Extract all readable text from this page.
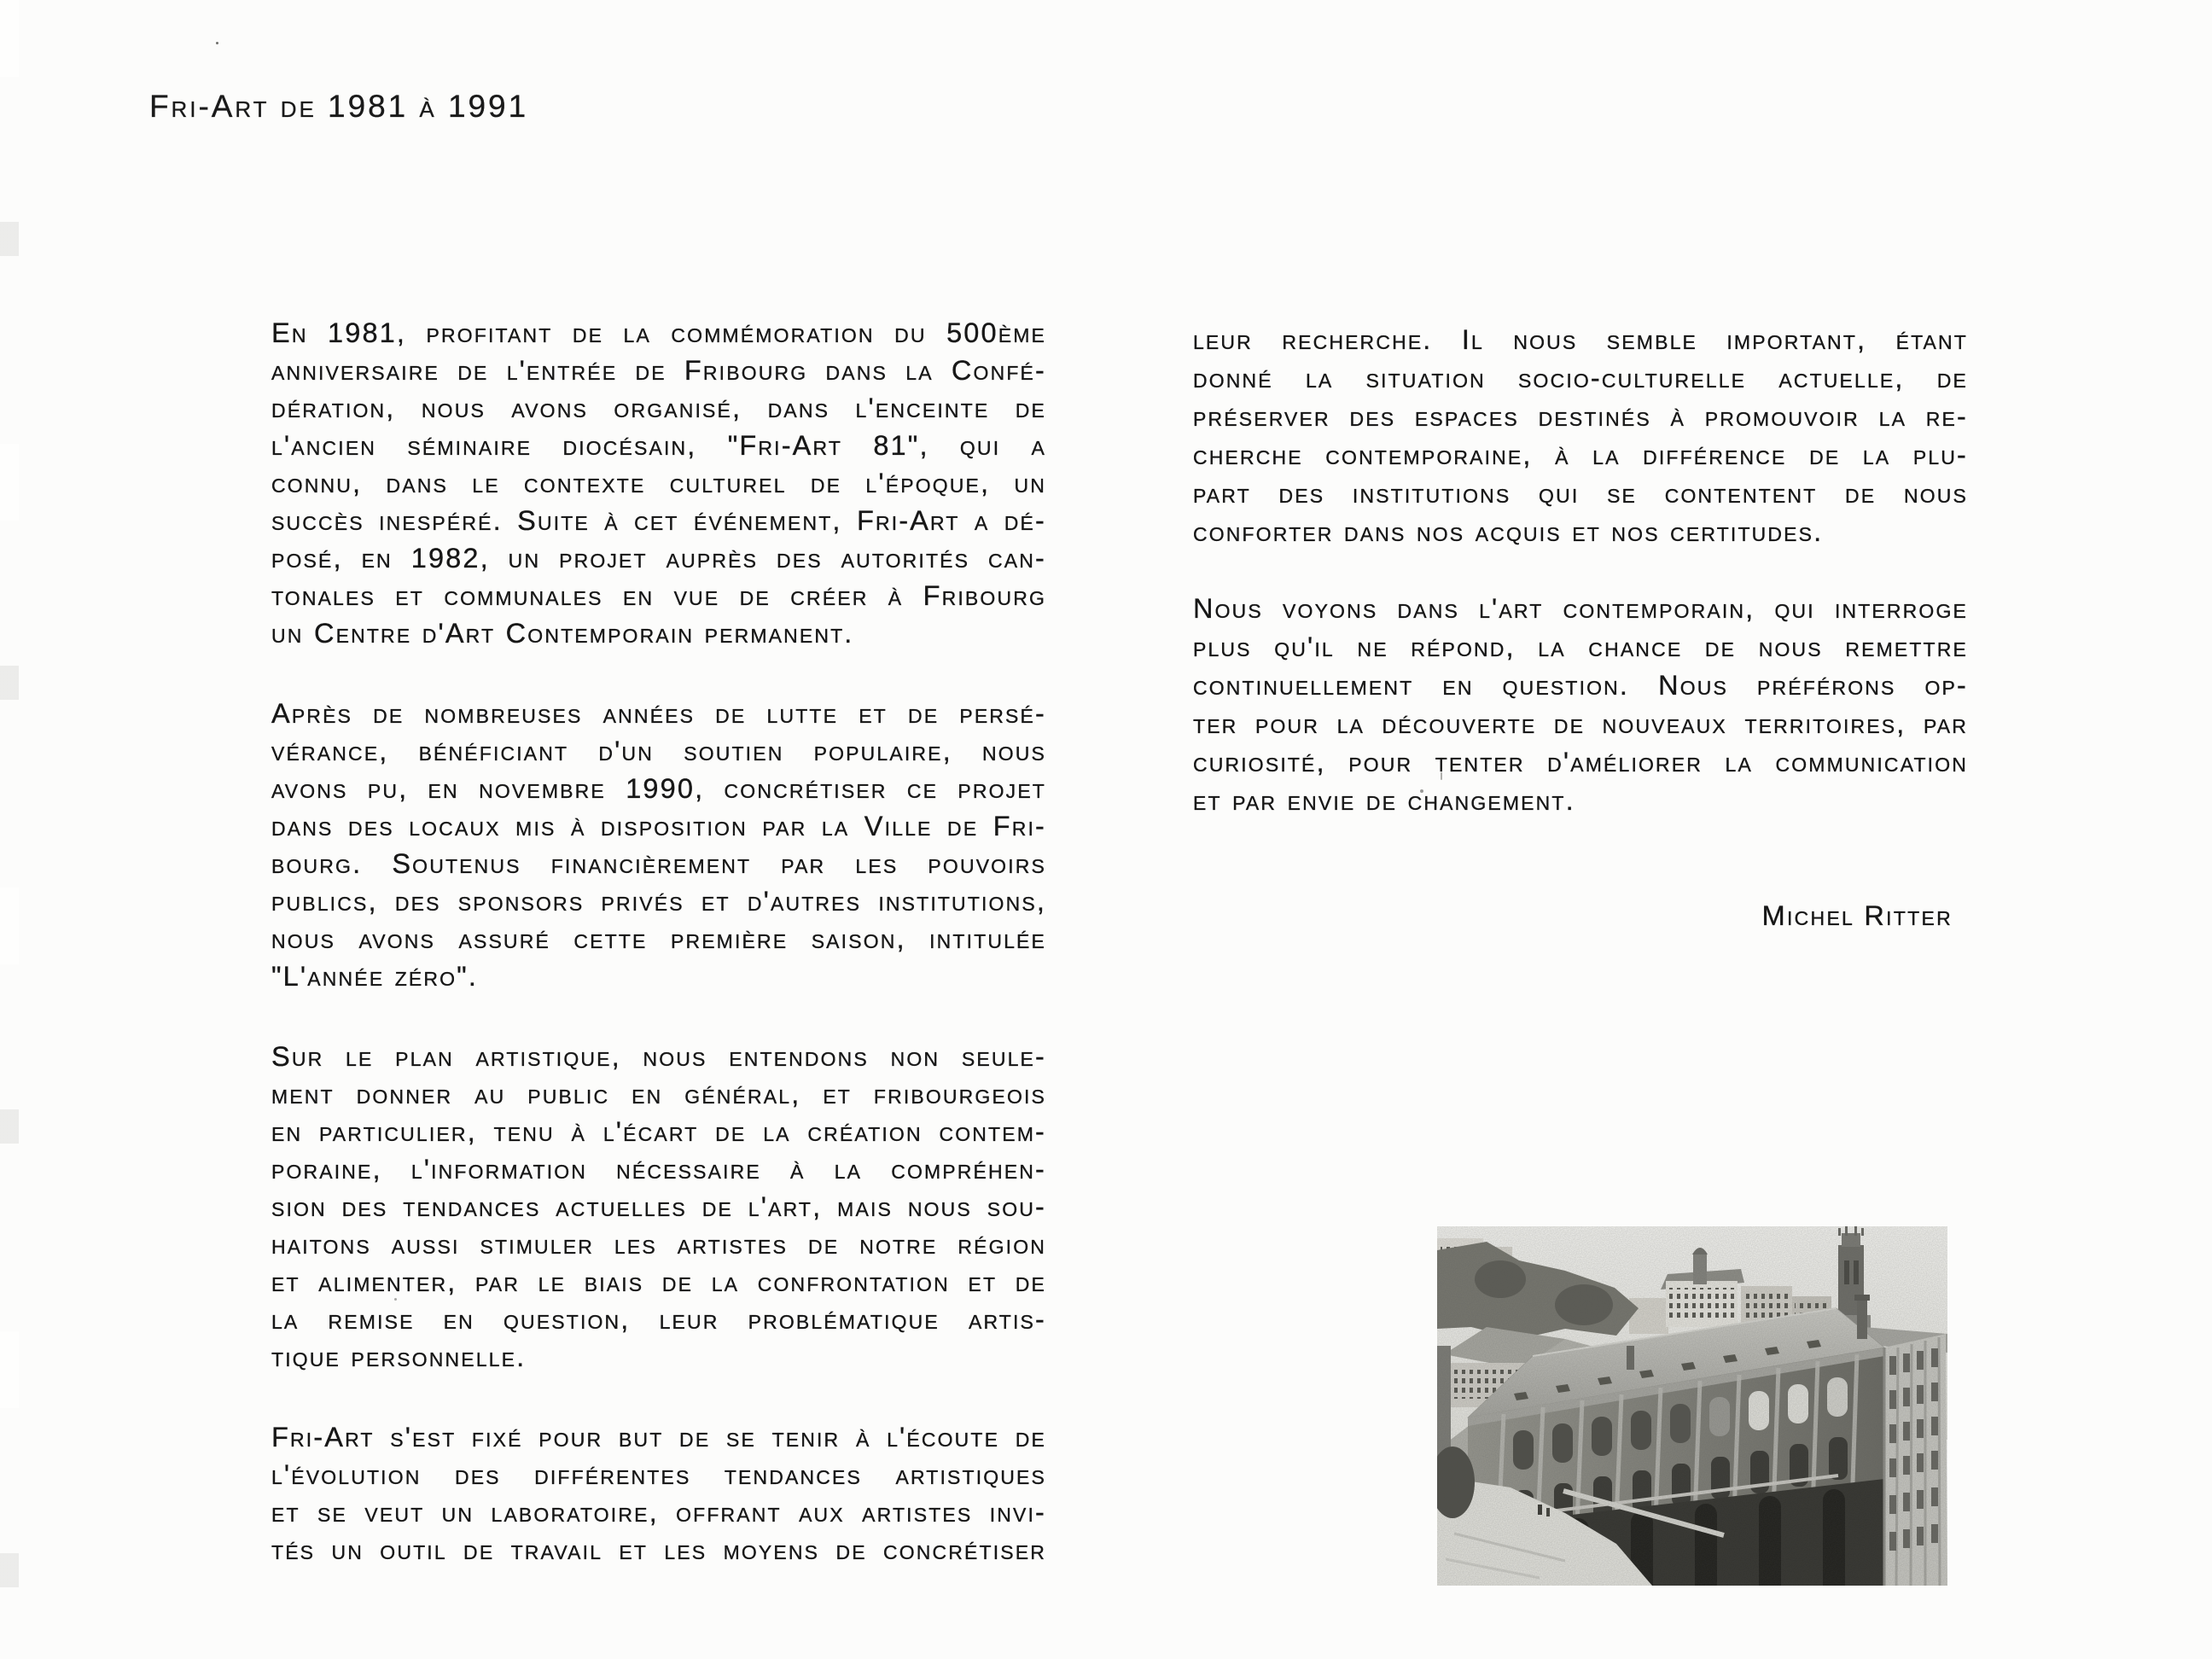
Fri-Art de 1981 à 1991
En 1981, profitant de la commémoration du 500ème
anniversaire de l'entrée de Fribourg dans la Confé-
dération, nous avons organisé, dans l'enceinte de
l'ancien séminaire diocésain, "Fri-Art 81", qui a
connu, dans le contexte culturel de l'époque, un
succès inespéré. Suite à cet événement, Fri-Art a dé-
posé, en 1982, un projet auprès des autorités can-
tonales et communales en vue de créer à Fribourg
un Centre d'Art Contemporain permanent.
Après de nombreuses années de lutte et de persé-
vérance, bénéficiant d'un soutien populaire, nous
avons pu, en novembre 1990, concrétiser ce projet
dans des locaux mis à disposition par la Ville de Fri-
bourg. Soutenus financièrement par les pouvoirs
publics, des sponsors privés et d'autres institutions,
nous avons assuré cette première saison, intitulée
"L'année zéro".
Sur le plan artistique, nous entendons non seule-
ment donner au public en général, et fribourgeois
en particulier, tenu à l'écart de la création contem-
poraine, l'information nécessaire à la compréhen-
sion des tendances actuelles de l'art, mais nous sou-
haitons aussi stimuler les artistes de notre région
et alimenter, par le biais de la confrontation et de
la remise en question, leur problématique artis-
tique personnelle.
Fri-Art s'est fixé pour but de se tenir à l'écoute de
l'évolution des différentes tendances artistiques
et se veut un laboratoire, offrant aux artistes invi-
tés un outil de travail et les moyens de concrétiser
leur recherche. Il nous semble important, étant
donné la situation socio-culturelle actuelle, de
préserver des espaces destinés à promouvoir la re-
cherche contemporaine, à la différence de la plu-
part des institutions qui se contentent de nous
conforter dans nos acquis et nos certitudes.
Nous voyons dans l'art contemporain, qui interroge
plus qu'il ne répond, la chance de nous remettre
continuellement en question. Nous préférons op-
ter pour la découverte de nouveaux territoires, par
curiosité, pour tenter d'améliorer la communication
et par envie de changement.
Michel Ritter
